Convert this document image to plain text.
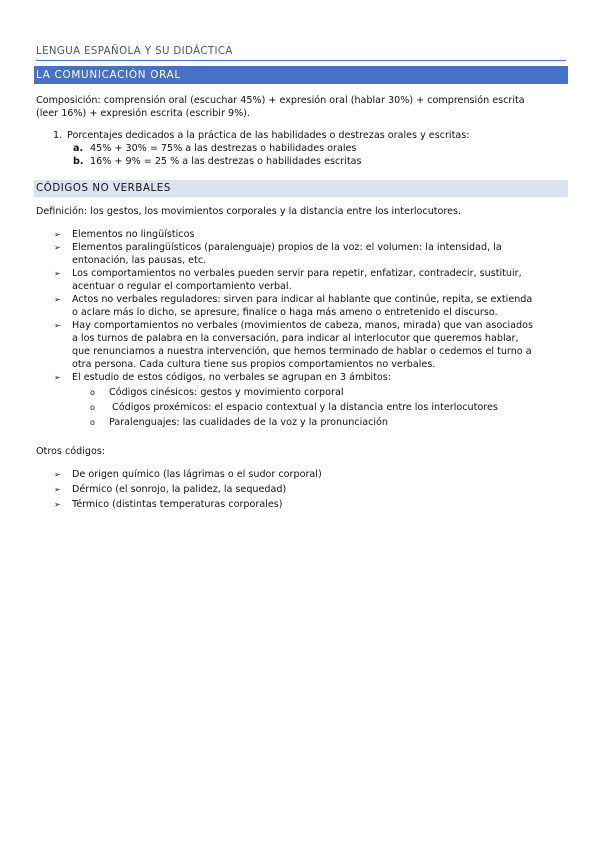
LENGUA ESPAÑOLA Y SU DIDÁCTICA
LA COMUNICACIÓN ORAL
Composición: comprensión oral (escuchar 45%) + expresión oral (hablar 30%) + comprensión escrita
(leer 16%) + expresión escrita (escribir 9%).
1. Porcentajes dedicados a la práctica de las habilidades o destrezas orales y escritas:
a. 45% + 30% = 75% a las destrezas o habilidades orales
b. 16% + 9% = 25 % a las destrezas o habilidades escritas
CÓDIGOS NO VERBALES
Definición: los gestos, los movimientos corporales y la distancia entre los interlocutores.
➢ Elementos no lingüísticos
➢ Elementos paralingüísticos (paralenguaje) propios de la voz: el volumen: la intensidad, la
entonación, las pausas, etc.
➢ Los comportamientos no verbales pueden servir para repetir, enfatizar, contradecir, sustituir,
acentuar o regular el comportamiento verbal.
➢ Actos no verbales reguladores: sirven para indicar al hablante que continúe, repita, se extienda
o aclare más lo dicho, se apresure, finalice o haga más ameno o entretenido el discurso.
➢ Hay comportamientos no verbales (movimientos de cabeza, manos, mirada) que van asociados
a los turnos de palabra en la conversación, para indicar al interlocutor que queremos hablar,
que renunciamos a nuestra intervención, que hemos terminado de hablar o cedemos el turno a
otra persona. Cada cultura tiene sus propios comportamientos no verbales.
➢ El estudio de estos códigos, no verbales se agrupan en 3 ámbitos:
o Códigos cinésicos: gestos y movimiento corporal
o Códigos proxémicos: el espacio contextual y la distancia entre los interlocutores
o Paralenguajes: las cualidades de la voz y la pronunciación
Otros códigos:
➢ De origen químico (las lágrimas o el sudor corporal)
➢ Dérmico (el sonrojo, la palidez, la sequedad)
➢ Térmico (distintas temperaturas corporales)
